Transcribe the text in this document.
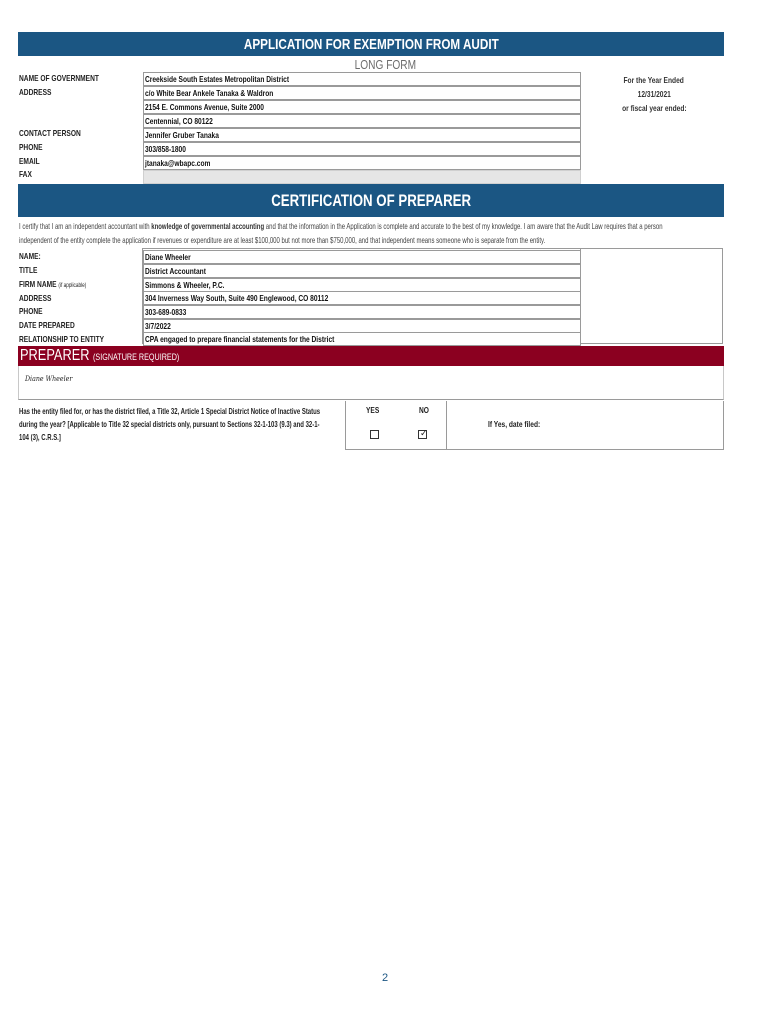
APPLICATION FOR EXEMPTION FROM AUDIT
LONG FORM
NAME OF GOVERNMENT
ADDRESS
CONTACT PERSON
PHONE
EMAIL
FAX
Creekside South Estates Metropolitan District
c/o White Bear Ankele Tanaka & Waldron
2154 E. Commons Avenue, Suite 2000
Centennial, CO 80122
Jennifer Gruber Tanaka
303/858-1800
jtanaka@wbapc.com
For the Year Ended
12/31/2021
or fiscal year ended:
CERTIFICATION OF PREPARER
I certify that I am an independent accountant with knowledge of governmental accounting and that the information in the Application is complete and accurate to the best of my knowledge. I am aware that the Audit Law requires that a person
independent of the entity complete the application if revenues or expenditure are at least $100,000 but not more than $750,000, and that independent means someone who is separate from the entity.
NAME:
TITLE
FIRM NAME (if applicable)
ADDRESS
PHONE
DATE PREPARED
RELATIONSHIP TO ENTITY
Diane Wheeler
District Accountant
Simmons & Wheeler, P.C.
304 Inverness Way South, Suite 490 Englewood, CO 80112
303-689-0833
3/7/2022
CPA engaged to prepare financial statements for the District
PREPARER (SIGNATURE REQUIRED)
Diane Wheeler
Has the entity filed for, or has the district filed, a Title 32, Article 1 Special District Notice of Inactive Status
during the year? [Applicable to Title 32 special districts only, pursuant to Sections 32-1-103 (9.3) and 32-1-
104 (3), C.R.S.]
YES	NO
✓
If Yes, date filed:
2
